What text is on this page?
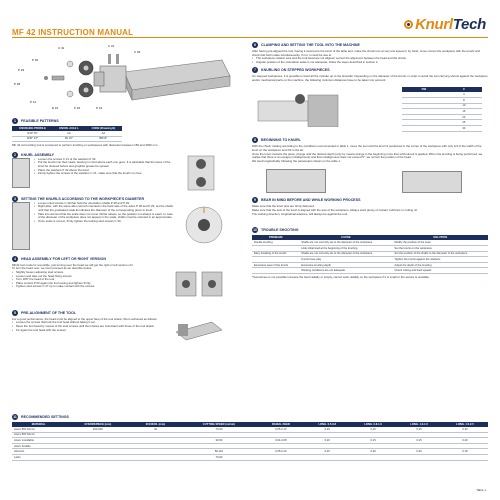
MF 42 INSTRUCTION MANUAL	KnurlTech
C 32
P 30
P 29
P 28
P 14
E 15
C 21
C 26
P 20	P 19
1	FEASIBLE PATTERNS
KNURLING PROFILE	KNURL AXLE L	CODE (Drawing B)
R30° RT	AA	AA
R30° AT*	BL 15°	BR15°
MF 42 cut knurling tool is conceived to perform knurling on workpieces with diameters between 150 and 3000 mm.
2	KNURL ASSEMBLY
• Loosen the screws C 21 of the washers P 32.
• Put the knurls into their seats, bearing in mind where each one goes. It is advisable that the faces of the knurl be cleaned before and graphite grease be spread.
• Place the washers P 32 above the knurl.
• Firmly tighten the screws of the washers C 21, make sure that the knurls run free.
3	SETTING THE KNURLS ACCORDING TO THE WORKPIECE'S DIAMETER
• Loosen stud screws C 30 that hold the orientation shafts P 28 and P 29.
• Right after, with the same allen wrench inserted in the back side of the axles P 28 and P 29, set the shafts until that the graduated scale E indicates the diameter of the corresponding piece to knurl.
• Take into account that the scale does not cover infinite values, so the position not always is exact. In case of the diameter of the workpiece does not appear in the scale, shafts must be oriented in an approximate.
• Once scale is correct, firmly tighten the locking stud screws C 30.
4	HEAD ASSEMBLY FOR LEFT OR RIGHT VERSION
MF42 tool model is reversible, just turning over the head we will get the right or left version of it.
To turn the head over, we must proceed as we describe below:
• Slightly loosen adjusting stud screws.
• Loosen and take out the head fixing screws.
• Turn 180° the head of the tool.
• Place screws P 02 again into its housing and tighten firmly.
• Tighten stud screws C 27 up to make contact with the screws.
5	PRE-ALIGNMENT OF THE TOOL
For a good performance, the head must be aligned to the upper face of the tool shank; this is achieved as follows:
• Loosen the screws that lock the tool head without taking it out.
• Move the tool head by means of the stud screws until them faces are coincident with those of the tool shank.
• Fix again the tool head with the screws.
6	CLAMPING AND SETTING THE TOOL INTO THE MACHINE
After having pre-aligned the tool, having it secured to the turret of the lathe and, make the chuck turn at very low speed or by hand, move correct the workpiece with the knurls and check that both rotate simultaneously. If not, it could be due to:
• The workpiece rotation axis and the tool-head are not aligned: correct the alignment between the head and the shank.
• Angular position of the orientation axles is not adequate, follow the steps described in section 4.
7	KNURLING ON STEPPED WORKPIECES
On stepped workpieces, it is possible to knurl all the cylinder up to the shoulder. Depending on the diameter of the knurls, in order to avoid the tool carrying shoots against the workpiece and/or mechanical parts on the machine, the following minimum distances have to be taken into account:
DW	C
	3
	8
	10
	15
	20
	25
	30
8	BEGINNING TO KNURL
With the chuck rotating according to the conditions recommended in table 1, move the tool until the knurl is positioned in the corner of the workpiece with only 1/3 of the width of the knurl on the workpiece and 2/3 in the air.
Once the knurl contacts the piece, plunge until the desired depth (only by means plunge in the beginning more than with-stroul) is applied. When the knurling is being performed, we realise that there is an escape (misalignment) and that misalignment does not exceed 5°, we correct the position of the head.
We feed longitudinally following the parameters shown on the table 1.
9	BEAR IN MIND BEFORE AND WHILE WORKING PROCESS
Make sure that the knurl pins are firmly fastened.
Make sure that the axis of the knurl is aligned with the axis of the workpiece. Always work plenty of coolant, lubricant or cutting oil.
The working direction, longitudinal advance, will always be against the tool.
10	TROUBLE SHOOTING
PROBLEM	CAUSE	SOLUTION
Double knurling	Shafts are not correctly set to the diameter of the workpiece	Modify the position of the axes
	Little initial feed at the beginning of the knurling	Set the knurls on the workpiece
Easy breaking of the knurls	Shafts are not correctly set to the diameter of the workpiece	Set the position of the shafts to the diameter of the workpiece
	Knurls have play	Tighten the knurls against the washers
Excessive wear of the knurls	Excessive knurling depth	Adjust the depth of the knurling
	Working conditions are not adequate	Check cutting and feed speeds
*Sometimes is not possible increase the feed radially or simply, cannot work radially on the workpiece if it is small or the secure is unstable.
11	RECOMMENDED SETTINGS
MATERIAL	Ø WORKPIECE (mm)	Ø KNURL (mm)	CUTTING SPEED (m/min)	RADIAL FEED	LONG. 0.5-0.8	LONG. 0.8-1.0	LONG. 1.0-1.5	LONG. 1.5-2.5
Acero 800 N/mm²	200-300	42	70-90	0.05-0.10	0.20	0.20	0.25	0.30
Acero 800 N/mm²								
Acero inoxidable			30-50	0.04-0.08	0.20	0.15	0.15	0.20
Acero fundido								
Aluminio			80-110	0.05-0.10	0.20	0.20	0.20	0.18
Latón			70-90					
Table 1
